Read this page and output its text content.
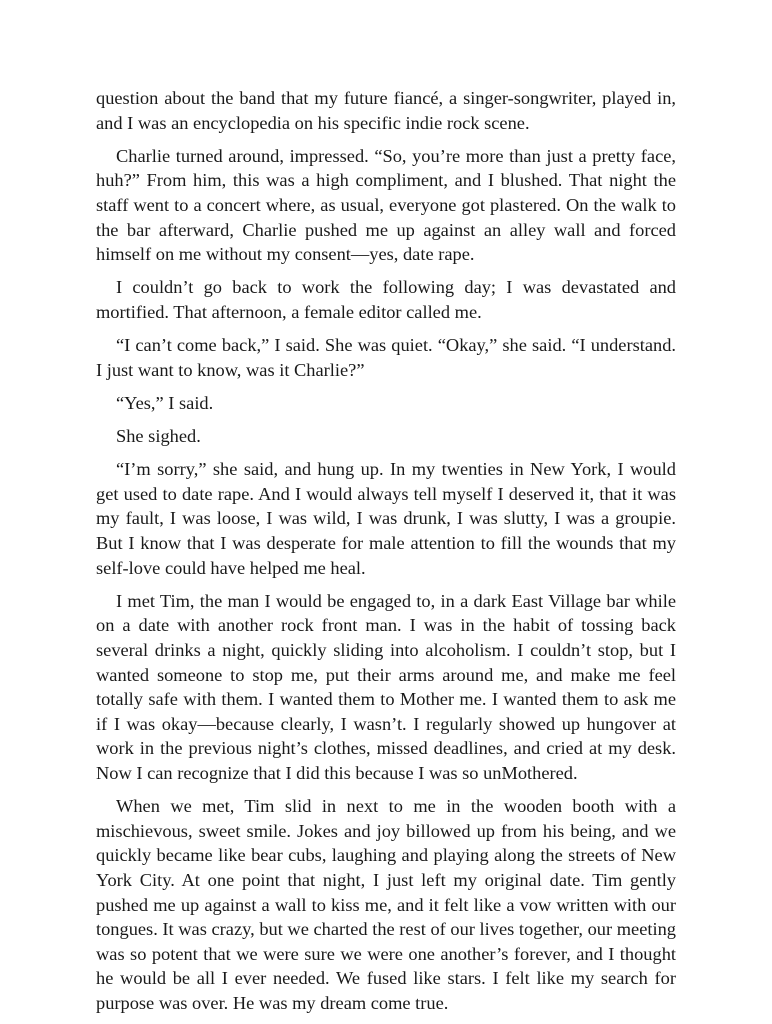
question about the band that my future fiancé, a singer-songwriter, played in, and I was an encyclopedia on his specific indie rock scene.

Charlie turned around, impressed. “So, you’re more than just a pretty face, huh?” From him, this was a high compliment, and I blushed. That night the staff went to a concert where, as usual, everyone got plastered. On the walk to the bar afterward, Charlie pushed me up against an alley wall and forced himself on me without my consent—yes, date rape.

I couldn’t go back to work the following day; I was devastated and mortified. That afternoon, a female editor called me.

“I can’t come back,” I said. She was quiet. “Okay,” she said. “I understand. I just want to know, was it Charlie?”

“Yes,” I said.

She sighed.

“I’m sorry,” she said, and hung up. In my twenties in New York, I would get used to date rape. And I would always tell myself I deserved it, that it was my fault, I was loose, I was wild, I was drunk, I was slutty, I was a groupie. But I know that I was desperate for male attention to fill the wounds that my self-love could have helped me heal.

I met Tim, the man I would be engaged to, in a dark East Village bar while on a date with another rock front man. I was in the habit of tossing back several drinks a night, quickly sliding into alcoholism. I couldn’t stop, but I wanted someone to stop me, put their arms around me, and make me feel totally safe with them. I wanted them to Mother me. I wanted them to ask me if I was okay—because clearly, I wasn’t. I regularly showed up hungover at work in the previous night’s clothes, missed deadlines, and cried at my desk. Now I can recognize that I did this because I was so unMothered.

When we met, Tim slid in next to me in the wooden booth with a mischievous, sweet smile. Jokes and joy billowed up from his being, and we quickly became like bear cubs, laughing and playing along the streets of New York City. At one point that night, I just left my original date. Tim gently pushed me up against a wall to kiss me, and it felt like a vow written with our tongues. It was crazy, but we charted the rest of our lives together, our meeting was so potent that we were sure we were one another’s forever, and I thought he would be all I ever needed. We fused like stars. I felt like my search for purpose was over. He was my dream come true.
